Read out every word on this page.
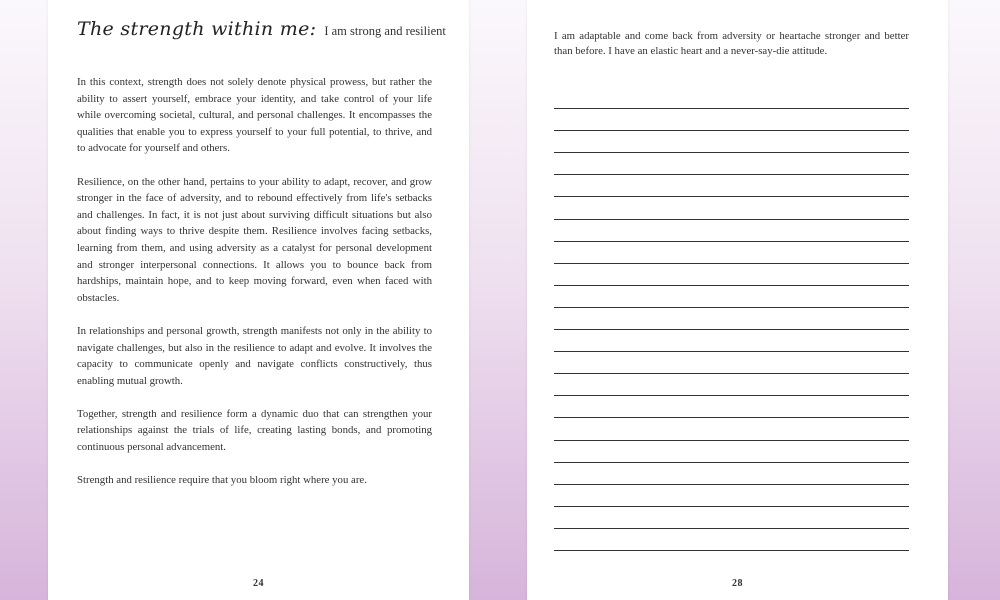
The strength within me: I am strong and resilient

In this context, strength does not solely denote physical prowess, but rather the ability to assert yourself, embrace your identity, and take control of your life while overcoming societal, cultural, and personal challenges. It encompasses the qualities that enable you to express yourself to your full potential, to thrive, and to advocate for yourself and others.

Resilience, on the other hand, pertains to your ability to adapt, recover, and grow stronger in the face of adversity, and to rebound effectively from life's setbacks and challenges. In fact, it is not just about surviving difficult situations but also about finding ways to thrive despite them. Resilience involves facing setbacks, learning from them, and using adversity as a catalyst for personal development and stronger interpersonal connections. It allows you to bounce back from hardships, maintain hope, and to keep moving forward, even when faced with obstacles.

In relationships and personal growth, strength manifests not only in the ability to navigate challenges, but also in the resilience to adapt and evolve. It involves the capacity to communicate openly and navigate conflicts constructively, thus enabling mutual growth.

Together, strength and resilience form a dynamic duo that can strengthen your relationships against the trials of life, creating lasting bonds, and promoting continuous personal advancement.

Strength and resilience require that you bloom right where you are.

24
I am adaptable and come back from adversity or heartache stronger and better than before. I have an elastic heart and a never-say-die attitude.
28
